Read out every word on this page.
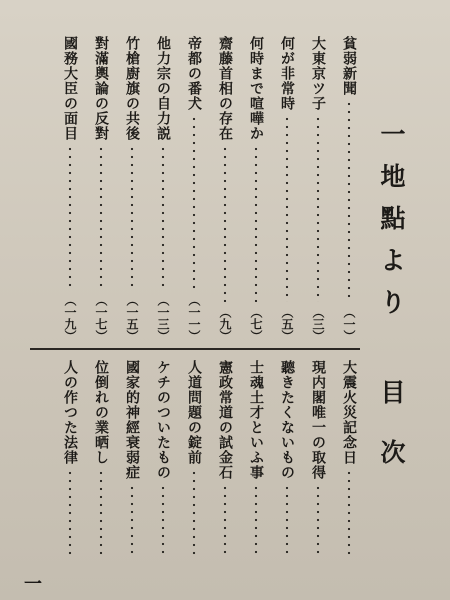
一
地
點
よ
り
目
次
貧弱新聞
（一）
大東京ツ子
（三）
何が非常時
（五）
何時まで喧嘩か
（七）
齋藤首相の存在
（九）
帝都の番犬
（一一）
他力宗の自力説
（一三）
竹槍廚旗の共後
（一五）
對滿輿論の反對
（一七）
國務大臣の面目
（一九）
大震火災記念日
現内閣唯一の取得
聽きたくないもの
士魂土才といふ事
憲政常道の試金石
人道問題の錠前
ケチのついたもの
國家的神經衰弱症
位倒れの業晒し
人の作つた法律
一
